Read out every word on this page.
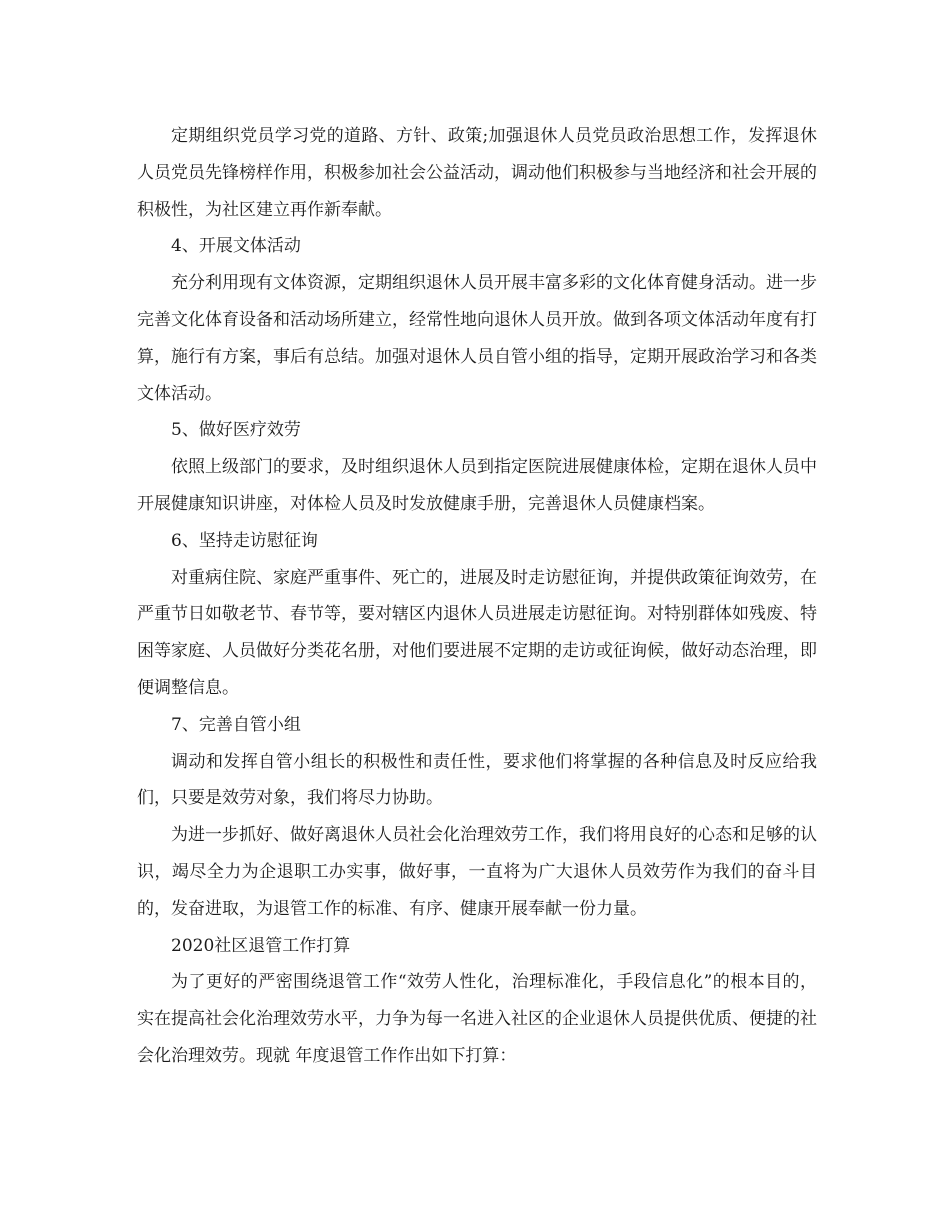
定期组织党员学习党的道路、方针、政策;加强退休人员党员政治思想工作，发挥退休人员党员先锋榜样作用，积极参加社会公益活动，调动他们积极参与当地经济和社会开展的积极性，为社区建立再作新奉献。

4、开展文体活动

充分利用现有文体资源，定期组织退休人员开展丰富多彩的文化体育健身活动。进一步完善文化体育设备和活动场所建立，经常性地向退休人员开放。做到各项文体活动年度有打算，施行有方案，事后有总结。加强对退休人员自管小组的指导，定期开展政治学习和各类文体活动。

5、做好医疗效劳

依照上级部门的要求，及时组织退休人员到指定医院进展健康体检，定期在退休人员中开展健康知识讲座，对体检人员及时发放健康手册，完善退休人员健康档案。

6、坚持走访慰征询

对重病住院、家庭严重事件、死亡的，进展及时走访慰征询，并提供政策征询效劳，在严重节日如敬老节、春节等，要对辖区内退休人员进展走访慰征询。对特别群体如残废、特困等家庭、人员做好分类花名册，对他们要进展不定期的走访或征询候，做好动态治理，即便调整信息。

7、完善自管小组

调动和发挥自管小组长的积极性和责任性，要求他们将掌握的各种信息及时反应给我们，只要是效劳对象，我们将尽力协助。

为进一步抓好、做好离退休人员社会化治理效劳工作，我们将用良好的心态和足够的认识，竭尽全力为企退职工办实事，做好事，一直将为广大退休人员效劳作为我们的奋斗目的，发奋进取，为退管工作的标准、有序、健康开展奉献一份力量。

2020社区退管工作打算

为了更好的严密围绕退管工作“效劳人性化，治理标准化，手段信息化”的根本目的，实在提高社会化治理效劳水平，力争为每一名进入社区的企业退休人员提供优质、便捷的社会化治理效劳。现就 年度退管工作作出如下打算：
